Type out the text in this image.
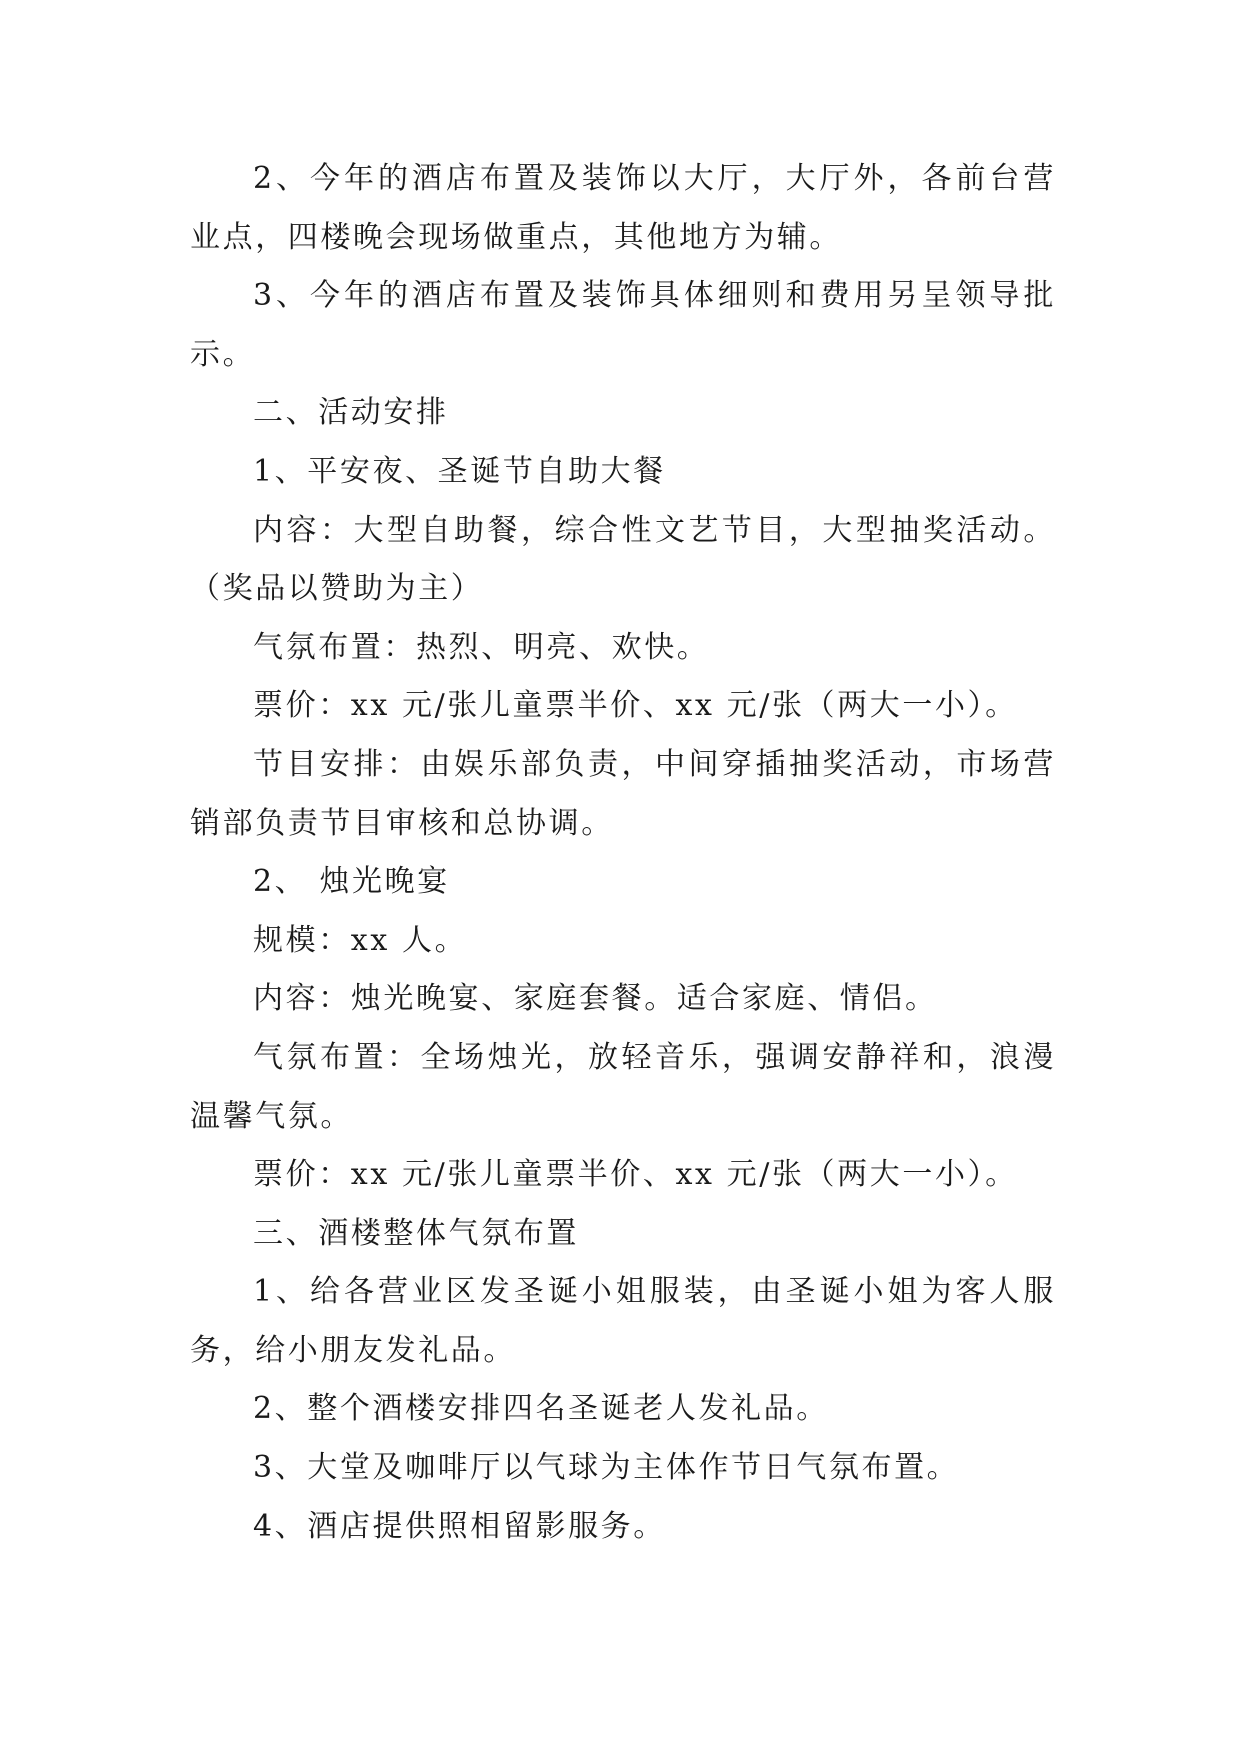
2、今年的酒店布置及装饰以大厅，大厅外，各前台营业点，四楼晚会现场做重点，其他地方为辅。

3、今年的酒店布置及装饰具体细则和费用另呈领导批示。

二、活动安排

1、平安夜、圣诞节自助大餐

内容：大型自助餐，综合性文艺节目，大型抽奖活动。（奖品以赞助为主）

气氛布置：热烈、明亮、欢快。

票价：xx 元/张儿童票半价、xx 元/张（两大一小）。

节目安排：由娱乐部负责，中间穿插抽奖活动，市场营销部负责节目审核和总协调。

2、 烛光晚宴

规模：xx 人。

内容：烛光晚宴、家庭套餐。适合家庭、情侣。

气氛布置：全场烛光，放轻音乐，强调安静祥和，浪漫温馨气氛。

票价：xx 元/张儿童票半价、xx 元/张（两大一小）。

三、酒楼整体气氛布置

1、给各营业区发圣诞小姐服装，由圣诞小姐为客人服务，给小朋友发礼品。

2、整个酒楼安排四名圣诞老人发礼品。

3、大堂及咖啡厅以气球为主体作节日气氛布置。

4、酒店提供照相留影服务。
